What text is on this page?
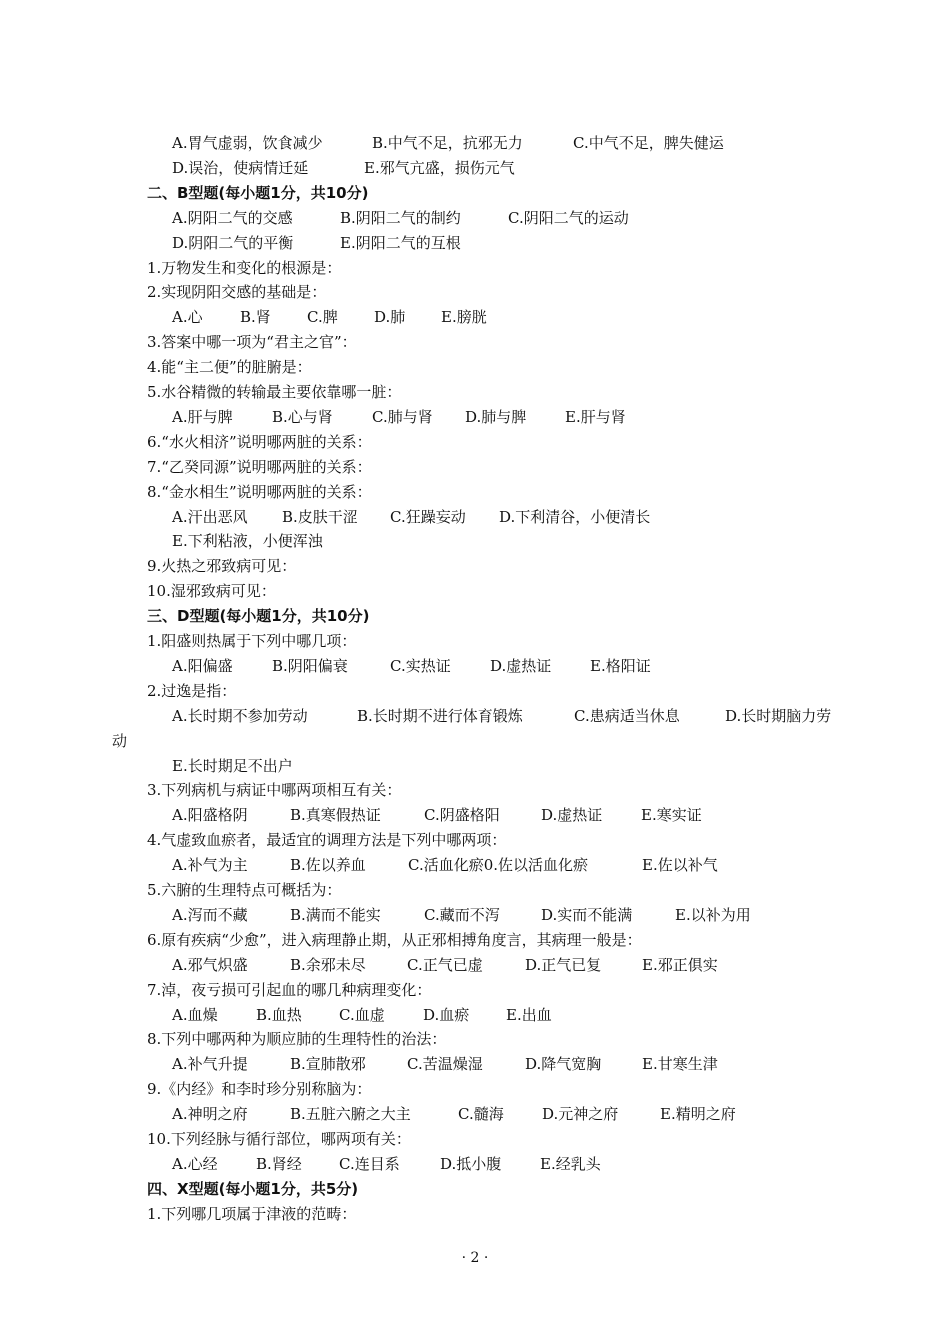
A.胃气虚弱，饮食减少	B.中气不足，抗邪无力	C.中气不足，脾失健运
D.误治，使病情迁延	E.邪气亢盛，损伤元气
二、B型题(每小题1分，共10分)
A.阴阳二气的交感	B.阴阳二气的制约	C.阴阳二气的运动
D.阴阳二气的平衡	E.阴阳二气的互根
1.万物发生和变化的根源是：
2.实现阴阳交感的基础是：
A.心	B.肾	C.脾	D.肺	E.膀胱
3.答案中哪一项为“君主之官”：
4.能“主二便”的脏腑是：
5.水谷精微的转输最主要依靠哪一脏：
A.肝与脾	B.心与肾	C.肺与肾	D.肺与脾	E.肝与肾
6.“水火相济”说明哪两脏的关系：
7.“乙癸同源”说明哪两脏的关系：
8.“金水相生”说明哪两脏的关系：
A.汗出恶风	B.皮肤干涩	C.狂躁妄动	D.下利清谷，小便清长
E.下利粘液，小便浑浊
9.火热之邪致病可见：
10.湿邪致病可见：
三、D型题(每小题1分，共10分)
1.阳盛则热属于下列中哪几项：
A.阳偏盛	B.阴阳偏衰	C.实热证	D.虚热证	E.格阳证
2.过逸是指：
A.长时期不参加劳动	B.长时期不进行体育锻炼	C.患病适当休息	D.长时期脑力劳
动
E.长时期足不出户
3.下列病机与病证中哪两项相互有关：
A.阳盛格阴	B.真寒假热证	C.阴盛格阳	D.虚热证	E.寒实证
4.气虚致血瘀者，最适宜的调理方法是下列中哪两项：
A.补气为主	B.佐以养血	C.活血化瘀0.佐以活血化瘀	E.佐以补气
5.六腑的生理特点可概括为：
A.泻而不藏	B.满而不能实	C.藏而不泻	D.实而不能满	E.以补为用
6.原有疾病“少愈”，进入病理静止期，从正邪相搏角度言，其病理一般是：
A.邪气炽盛	B.余邪未尽	C.正气已虚	D.正气已复	E.邪正俱实
7.淖，夜亏损可引起血的哪几种病理变化：
A.血燥	B.血热	C.血虚	D.血瘀	E.出血
8.下列中哪两种为顺应肺的生理特性的治法：
A.补气升提	B.宣肺散邪	C.苦温燥湿	D.降气宽胸	E.甘寒生津
9.《内经》和李时珍分别称脑为：
A.神明之府	B.五脏六腑之大主	C.髓海	D.元神之府	E.精明之府
10.下列经脉与循行部位，哪两项有关：
A.心经	B.肾经	C.连目系	D.抵小腹	E.经乳头
四、X型题(每小题1分，共5分)
1.下列哪几项属于津液的范畴：
· 2 ·
